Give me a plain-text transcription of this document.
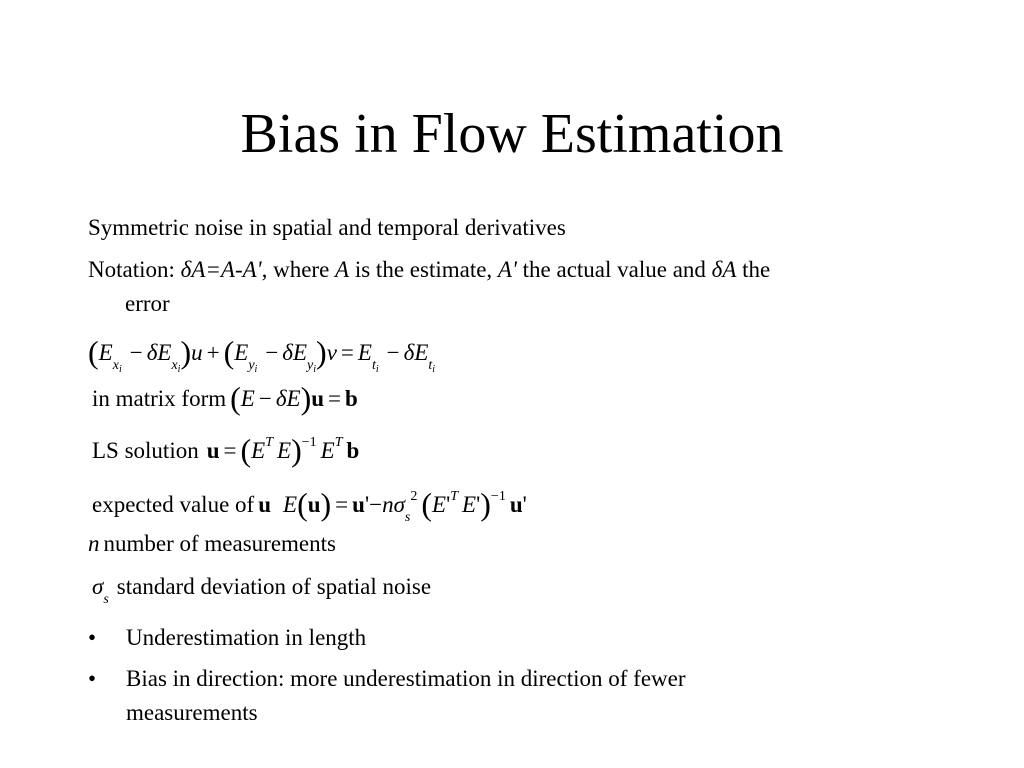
Bias in Flow Estimation
Symmetric noise in spatial and temporal derivatives
Notation: δA=A-A', where A is the estimate, A' the actual value and δA the
error
$(E_{x_i}- \delta E_{x_i})u + (E_{y_i}- \delta E_{y_i})v = E_{t_i}- \delta E_{t_i}$
in matrix form (E − δE)u = b
LS solution $u = (E^T$ E)$^{-1}$ $E^T$ b
expected value of u $E(u) = u'-n\sigma_s^2$ ($E'^T$ E')$^{-1}$ u'
n number of measurements
$\sigma_sstandard$ deviation of spatial noise
• Underestimation in length
• Bias in direction: more underestimation in direction of fewer
measurements
